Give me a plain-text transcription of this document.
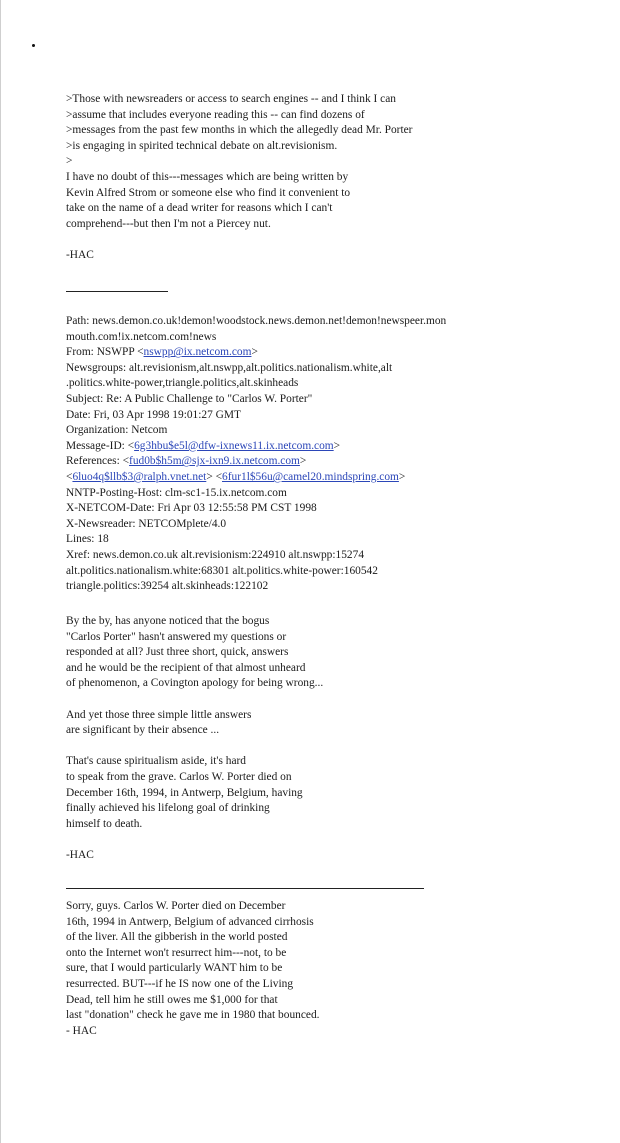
>Those with newsreaders or access to search engines -- and I think I can
>assume that includes everyone reading this -- can find dozens of
>messages from the past few months in which the allegedly dead Mr. Porter
>is engaging in spirited technical debate on alt.revisionism.
>
I have no doubt of this---messages which are being written by
Kevin Alfred Strom or someone else who find it convenient to
take on the name of a dead writer for reasons which I can't
comprehend---but then I'm not a Piercey nut.
-HAC
Path: news.demon.co.uk!demon!woodstock.news.demon.net!demon!newspeer.mon
mouth.com!ix.netcom.com!news
From: NSWPP <nswpp@ix.netcom.com>
Newsgroups: alt.revisionism,alt.nswpp,alt.politics.nationalism.white,alt
.politics.white-power,triangle.politics,alt.skinheads
Subject: Re: A Public Challenge to "Carlos W. Porter"
Date: Fri, 03 Apr 1998 19:01:27 GMT
Organization: Netcom
Message-ID: <6g3hbu$e5l@dfw-ixnews11.ix.netcom.com>
References: <fud0b$h5m@sjx-ixn9.ix.netcom.com>
<6luo4q$llb$3@ralph.vnet.net> <6fur1l$56u@camel20.mindspring.com>
NNTP-Posting-Host: clm-sc1-15.ix.netcom.com
X-NETCOM-Date: Fri Apr 03 12:55:58 PM CST 1998
X-Newsreader: NETCOMplete/4.0
Lines: 18
Xref: news.demon.co.uk alt.revisionism:224910 alt.nswpp:15274
alt.politics.nationalism.white:68301 alt.politics.white-power:160542
triangle.politics:39254 alt.skinheads:122102
By the by, has anyone noticed that the bogus
"Carlos Porter" hasn't answered my questions or
responded at all? Just three short, quick, answers
and he would be the recipient of that almost unheard
of phenomenon, a Covington apology for being wrong...
And yet those three simple little answers
are significant by their absence ...
That's cause spiritualism aside, it's hard
to speak from the grave. Carlos W. Porter died on
December 16th, 1994, in Antwerp, Belgium, having
finally achieved his lifelong goal of drinking
himself to death.
-HAC
Sorry, guys. Carlos W. Porter died on December
16th, 1994 in Antwerp, Belgium of advanced cirrhosis
of the liver. All the gibberish in the world posted
onto the Internet won't resurrect him---not, to be
sure, that I would particularly WANT him to be
resurrected. BUT---if he IS now one of the Living
Dead, tell him he still owes me $1,000 for that
last "donation" check he gave me in 1980 that bounced.
- HAC
